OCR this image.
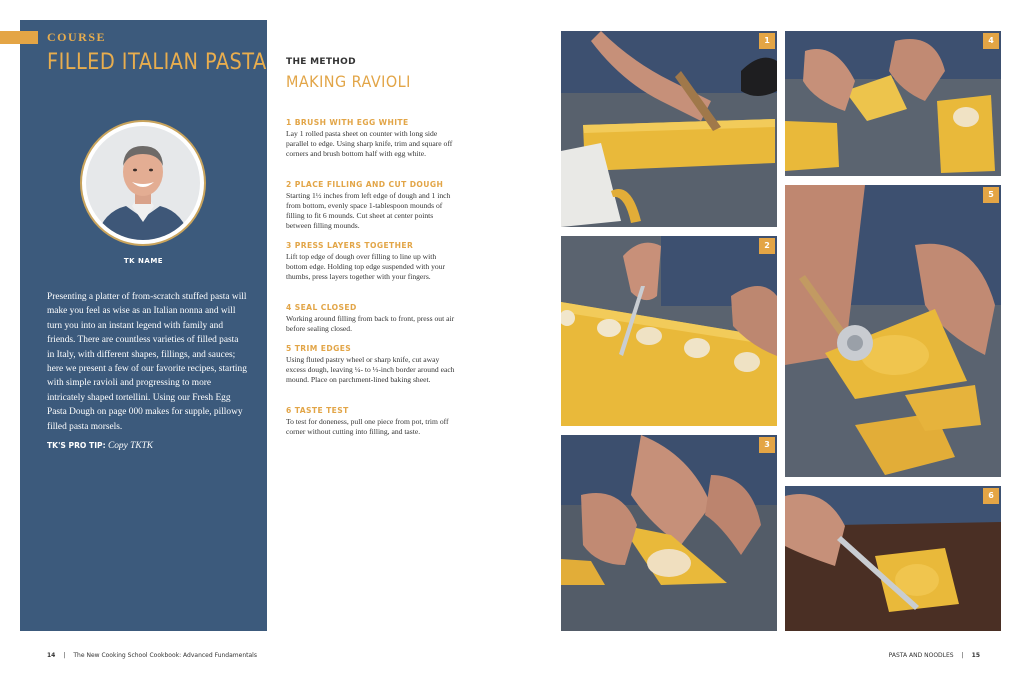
COURSE
FILLED ITALIAN PASTA
TK NAME

Presenting a platter of from-scratch stuffed pasta will make you feel as wise as an Italian nonna and will turn you into an instant legend with family and friends. There are countless varieties of filled pasta in Italy, with different shapes, fillings, and sauces; here we present a few of our favorite recipes, starting with simple ravioli and progressing to more intricately shaped tortellini. Using our Fresh Egg Pasta Dough on page 000 makes for supple, pillowy filled pasta morsels.

TK'S PRO TIP: Copy TKTK
THE METHOD
MAKING RAVIOLI
1 BRUSH WITH EGG WHITE
Lay 1 rolled pasta sheet on counter with long side parallel to edge. Using sharp knife, trim and square off corners and brush bottom half with egg white.
2 PLACE FILLING AND CUT DOUGH
Starting 1½ inches from left edge of dough and 1 inch from bottom, evenly space 1-tablespoon mounds of filling to fit 6 mounds. Cut sheet at center points between filling mounds.
3 PRESS LAYERS TOGETHER
Lift top edge of dough over filling to line up with bottom edge. Holding top edge suspended with your thumbs, press layers together with your fingers.
4 SEAL CLOSED
Working around filling from back to front, press out air before sealing closed.
5 TRIM EDGES
Using fluted pastry wheel or sharp knife, cut away excess dough, leaving ¼- to ⅓-inch border around each mound. Place on parchment-lined baking sheet.
6 TASTE TEST
To test for doneness, pull one piece from pot, trim off corner without cutting into filling, and taste.
1
2
3
4
5
6
14 | The New Cooking School Cookbook: Advanced Fundamentals	PASTA AND NOODLES | 15
